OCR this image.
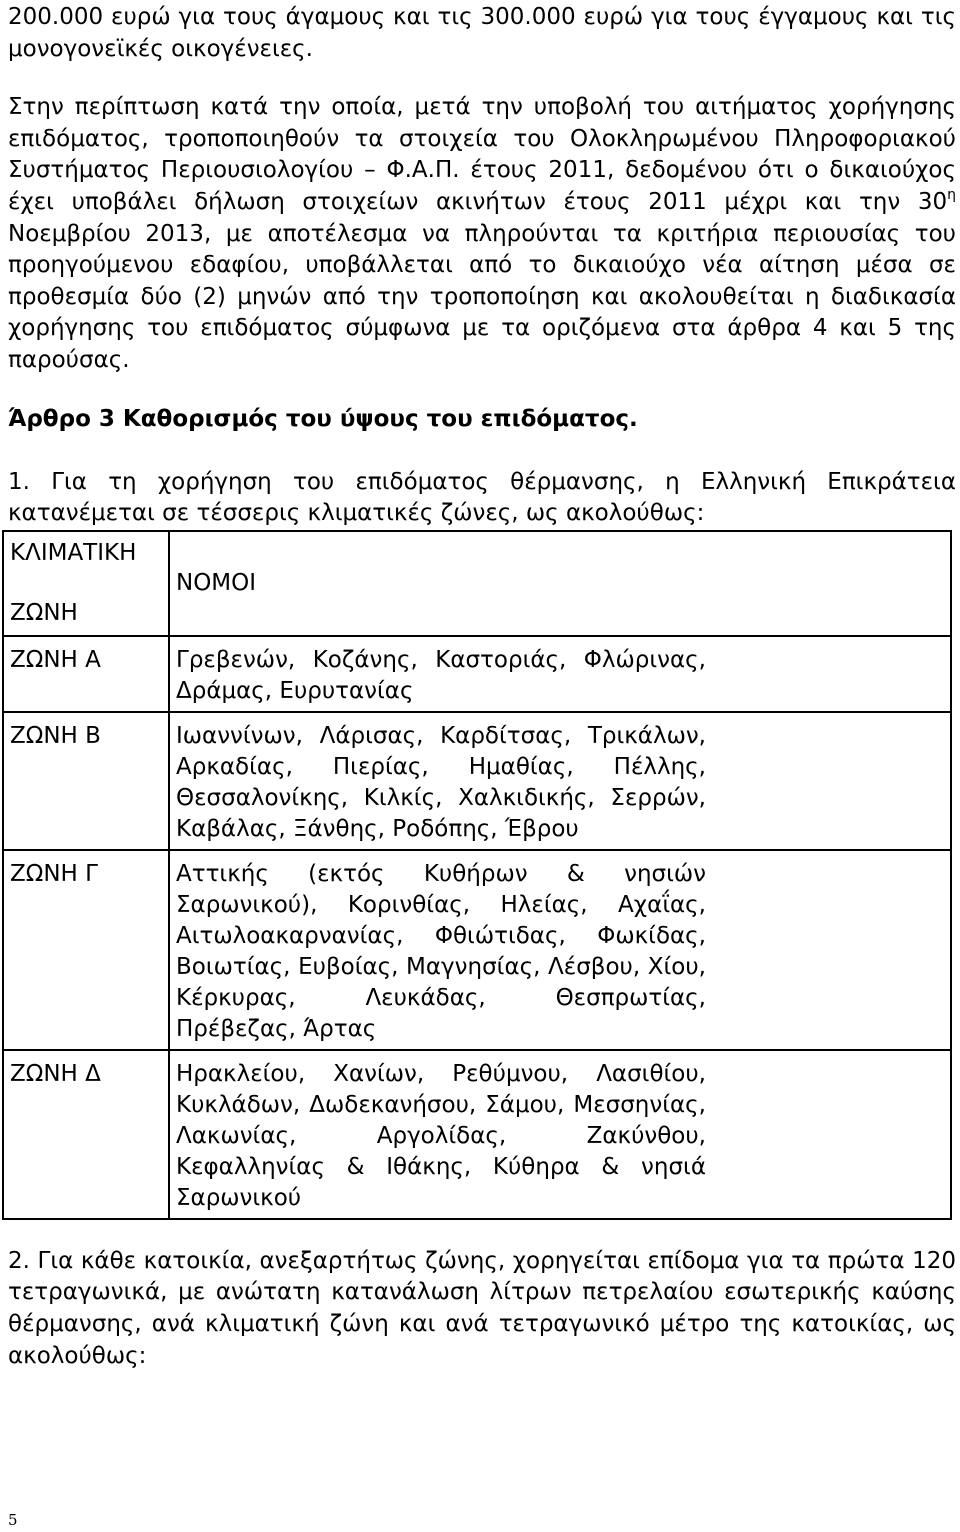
200.000 ευρώ για τους άγαμους και τις 300.000 ευρώ για τους έγγαμους και τις μονογονεϊκές οικογένειες.

Στην περίπτωση κατά την οποία, μετά την υποβολή του αιτήματος χορήγησης επιδόματος, τροποποιηθούν τα στοιχεία του Ολοκληρωμένου Πληροφοριακού Συστήματος Περιουσιολογίου – Φ.Α.Π. έτους 2011, δεδομένου ότι ο δικαιούχος έχει υποβάλει δήλωση στοιχείων ακινήτων έτους 2011 μέχρι και την $30^\eta$ Νοεμβρίου 2013, με αποτέλεσμα να πληρούνται τα κριτήρια περιουσίας του προηγούμενου εδαφίου, υποβάλλεται από το δικαιούχο νέα αίτηση μέσα σε προθεσμία δύο (2) μηνών από την τροποποίηση και ακολουθείται η διαδικασία χορήγησης του επιδόματος σύμφωνα με τα οριζόμενα στα άρθρα 4 και 5 της παρούσας.

Άρθρο 3 Καθορισμός του ύψους του επιδόματος.

1. Για τη χορήγηση του επιδόματος θέρμανσης, η Ελληνική Επικράτεια κατανέμεται σε τέσσερις κλιματικές ζώνες, ως ακολούθως:

ΚΛΙΜΑΤΙΚΗ
ΖΩΝΗ	ΝΟΜΟΙ

ΖΩΝΗ Α	Γρεβενών, Κοζάνης, Καστοριάς, Φλώρινας, Δράμας, Ευρυτανίας
ΖΩΝΗ Β	Ιωαννίνων, Λάρισας, Καρδίτσας, Τρικάλων, Αρκαδίας, Πιερίας, Ημαθίας, Πέλλης, Θεσσαλονίκης, Κιλκίς, Χαλκιδικής, Σερρών, Καβάλας, Ξάνθης, Ροδόπης, Έβρου
ΖΩΝΗ Γ	Αττικής (εκτός Κυθήρων & νησιών Σαρωνικού), Κορινθίας, Ηλείας, Αχαΐας, Αιτωλοακαρνανίας, Φθιώτιδας, Φωκίδας, Βοιωτίας, Ευβοίας, Μαγνησίας, Λέσβου, Χίου, Κέρκυρας, Λευκάδας, Θεσπρωτίας, Πρέβεζας, Άρτας
ΖΩΝΗ Δ	Ηρακλείου, Χανίων, Ρεθύμνου, Λασιθίου, Κυκλάδων, Δωδεκανήσου, Σάμου, Μεσσηνίας, Λακωνίας, Αργολίδας, Ζακύνθου, Κεφαλληνίας & Ιθάκης, Κύθηρα & νησιά Σαρωνικού

2. Για κάθε κατοικία, ανεξαρτήτως ζώνης, χορηγείται επίδομα για τα πρώτα 120 τετραγωνικά, με ανώτατη κατανάλωση λίτρων πετρελαίου εσωτερικής καύσης θέρμανσης, ανά κλιματική ζώνη και ανά τετραγωνικό μέτρο της κατοικίας, ως ακολούθως:

5
